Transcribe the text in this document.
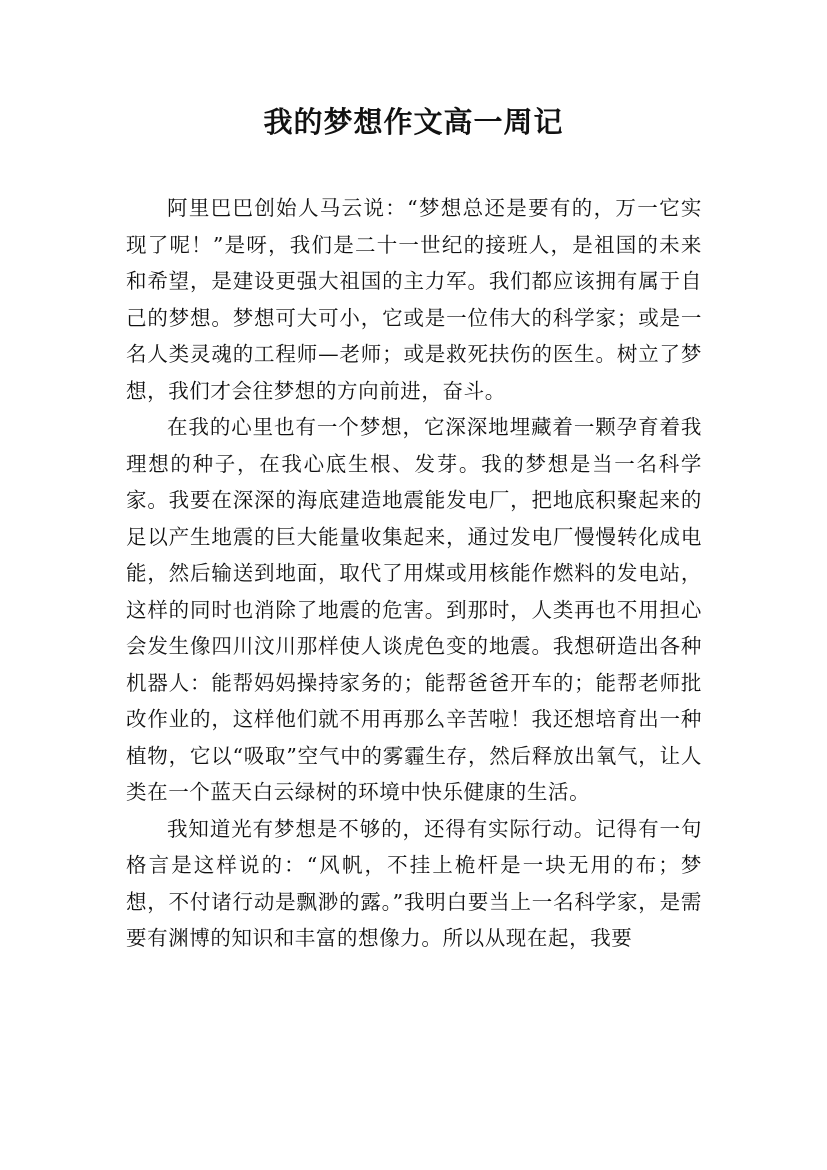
我的梦想作文高一周记

阿里巴巴创始人马云说：“梦想总还是要有的，万一它实现了呢！”是呀，我们是二十一世纪的接班人，是祖国的未来和希望，是建设更强大祖国的主力军。我们都应该拥有属于自己的梦想。梦想可大可小，它或是一位伟大的科学家；或是一名人类灵魂的工程师—老师；或是救死扶伤的医生。树立了梦想，我们才会往梦想的方向前进，奋斗。

在我的心里也有一个梦想，它深深地埋藏着一颗孕育着我理想的种子，在我心底生根、发芽。我的梦想是当一名科学家。我要在深深的海底建造地震能发电厂，把地底积聚起来的足以产生地震的巨大能量收集起来，通过发电厂慢慢转化成电能，然后输送到地面，取代了用煤或用核能作燃料的发电站，这样的同时也消除了地震的危害。到那时，人类再也不用担心会发生像四川汶川那样使人谈虎色变的地震。我想研造出各种机器人：能帮妈妈操持家务的；能帮爸爸开车的；能帮老师批改作业的，这样他们就不用再那么辛苦啦！我还想培育出一种植物，它以“吸取”空气中的雾霾生存，然后释放出氧气，让人类在一个蓝天白云绿树的环境中快乐健康的生活。

我知道光有梦想是不够的，还得有实际行动。记得有一句格言是这样说的：“风帆，不挂上桅杆是一块无用的布；梦想，不付诸行动是飘渺的露。”我明白要当上一名科学家，是需要有渊博的知识和丰富的想像力。所以从现在起，我要
